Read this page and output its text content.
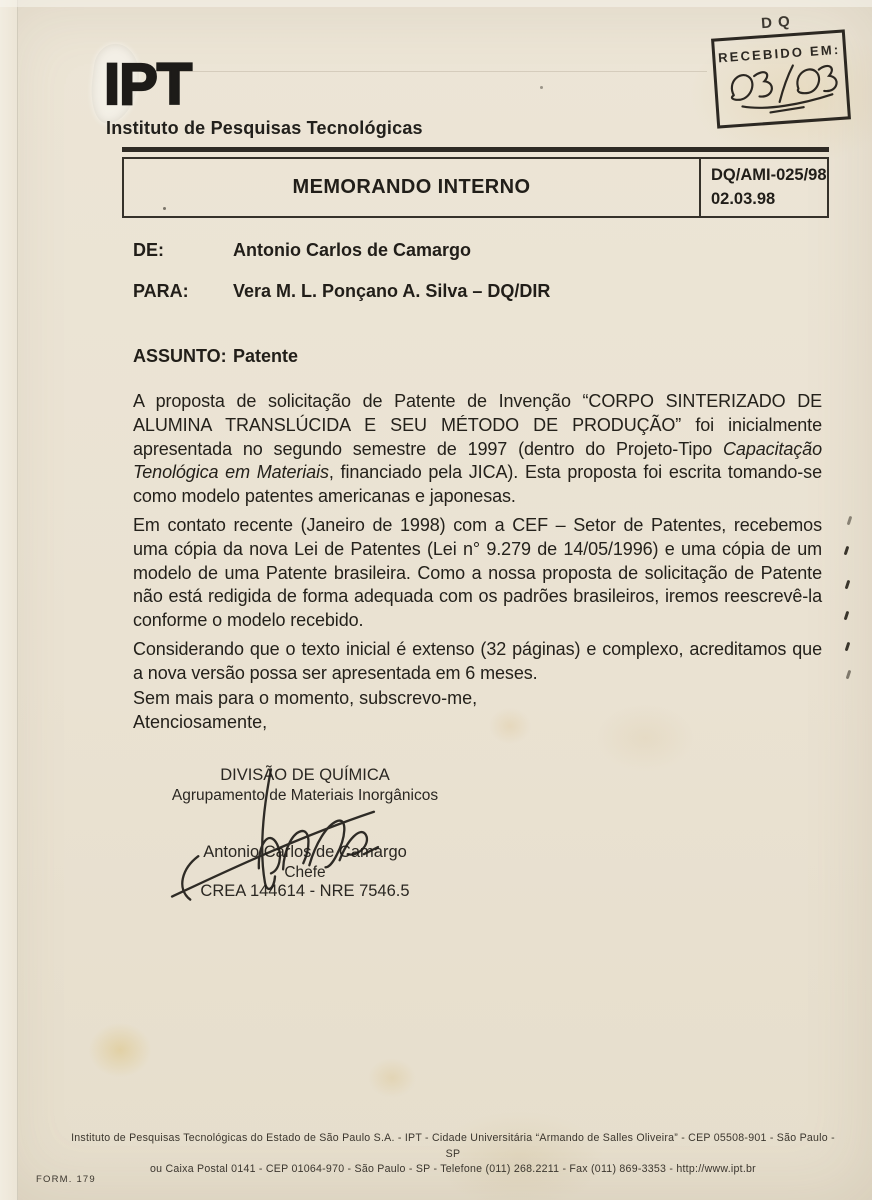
IPT
Instituto de Pesquisas Tecnológicas
DQ
RECEBIDO EM:
MEMORANDO INTERNO
DQ/AMI-025/98
02.03.98
DE:	Antonio Carlos de Camargo
PARA: Vera M. L. Ponçano A. Silva – DQ/DIR
ASSUNTO: Patente

A proposta de solicitação de Patente de Invenção “CORPO SINTERIZADO DE ALUMINA TRANSLÚCIDA E SEU MÉTODO DE PRODUÇÃO” foi inicialmente apresentada no segundo semestre de 1997 (dentro do Projeto-Tipo Capacitação Tenológica em Materiais, financiado pela JICA). Esta proposta foi escrita tomando-se como modelo patentes americanas e japonesas.

Em contato recente (Janeiro de 1998) com a CEF – Setor de Patentes, recebemos uma cópia da nova Lei de Patentes (Lei n° 9.279 de 14/05/1996) e uma cópia de um modelo de uma Patente brasileira. Como a nossa proposta de solicitação de Patente não está redigida de forma adequada com os padrões brasileiros, iremos reescrevê-la conforme o modelo recebido.

Considerando que o texto inicial é extenso (32 páginas) e complexo, acreditamos que a nova versão possa ser apresentada em 6 meses.

Sem mais para o momento, subscrevo-me,
Atenciosamente,
DIVISÃO DE QUÍMICA
Agrupamento de Materiais Inorgânicos
Antonio Carlos de Camargo
Chefe
CREA 144614 - NRE 7546.5
Instituto de Pesquisas Tecnológicas do Estado de São Paulo S.A. - IPT - Cidade Universitária “Armando de Salles Oliveira” - CEP 05508-901 - São Paulo - SP
ou Caixa Postal 0141 - CEP 01064-970 - São Paulo - SP - Telefone (011) 268.2211 - Fax (011) 869-3353 - http://www.ipt.br
FORM. 179
